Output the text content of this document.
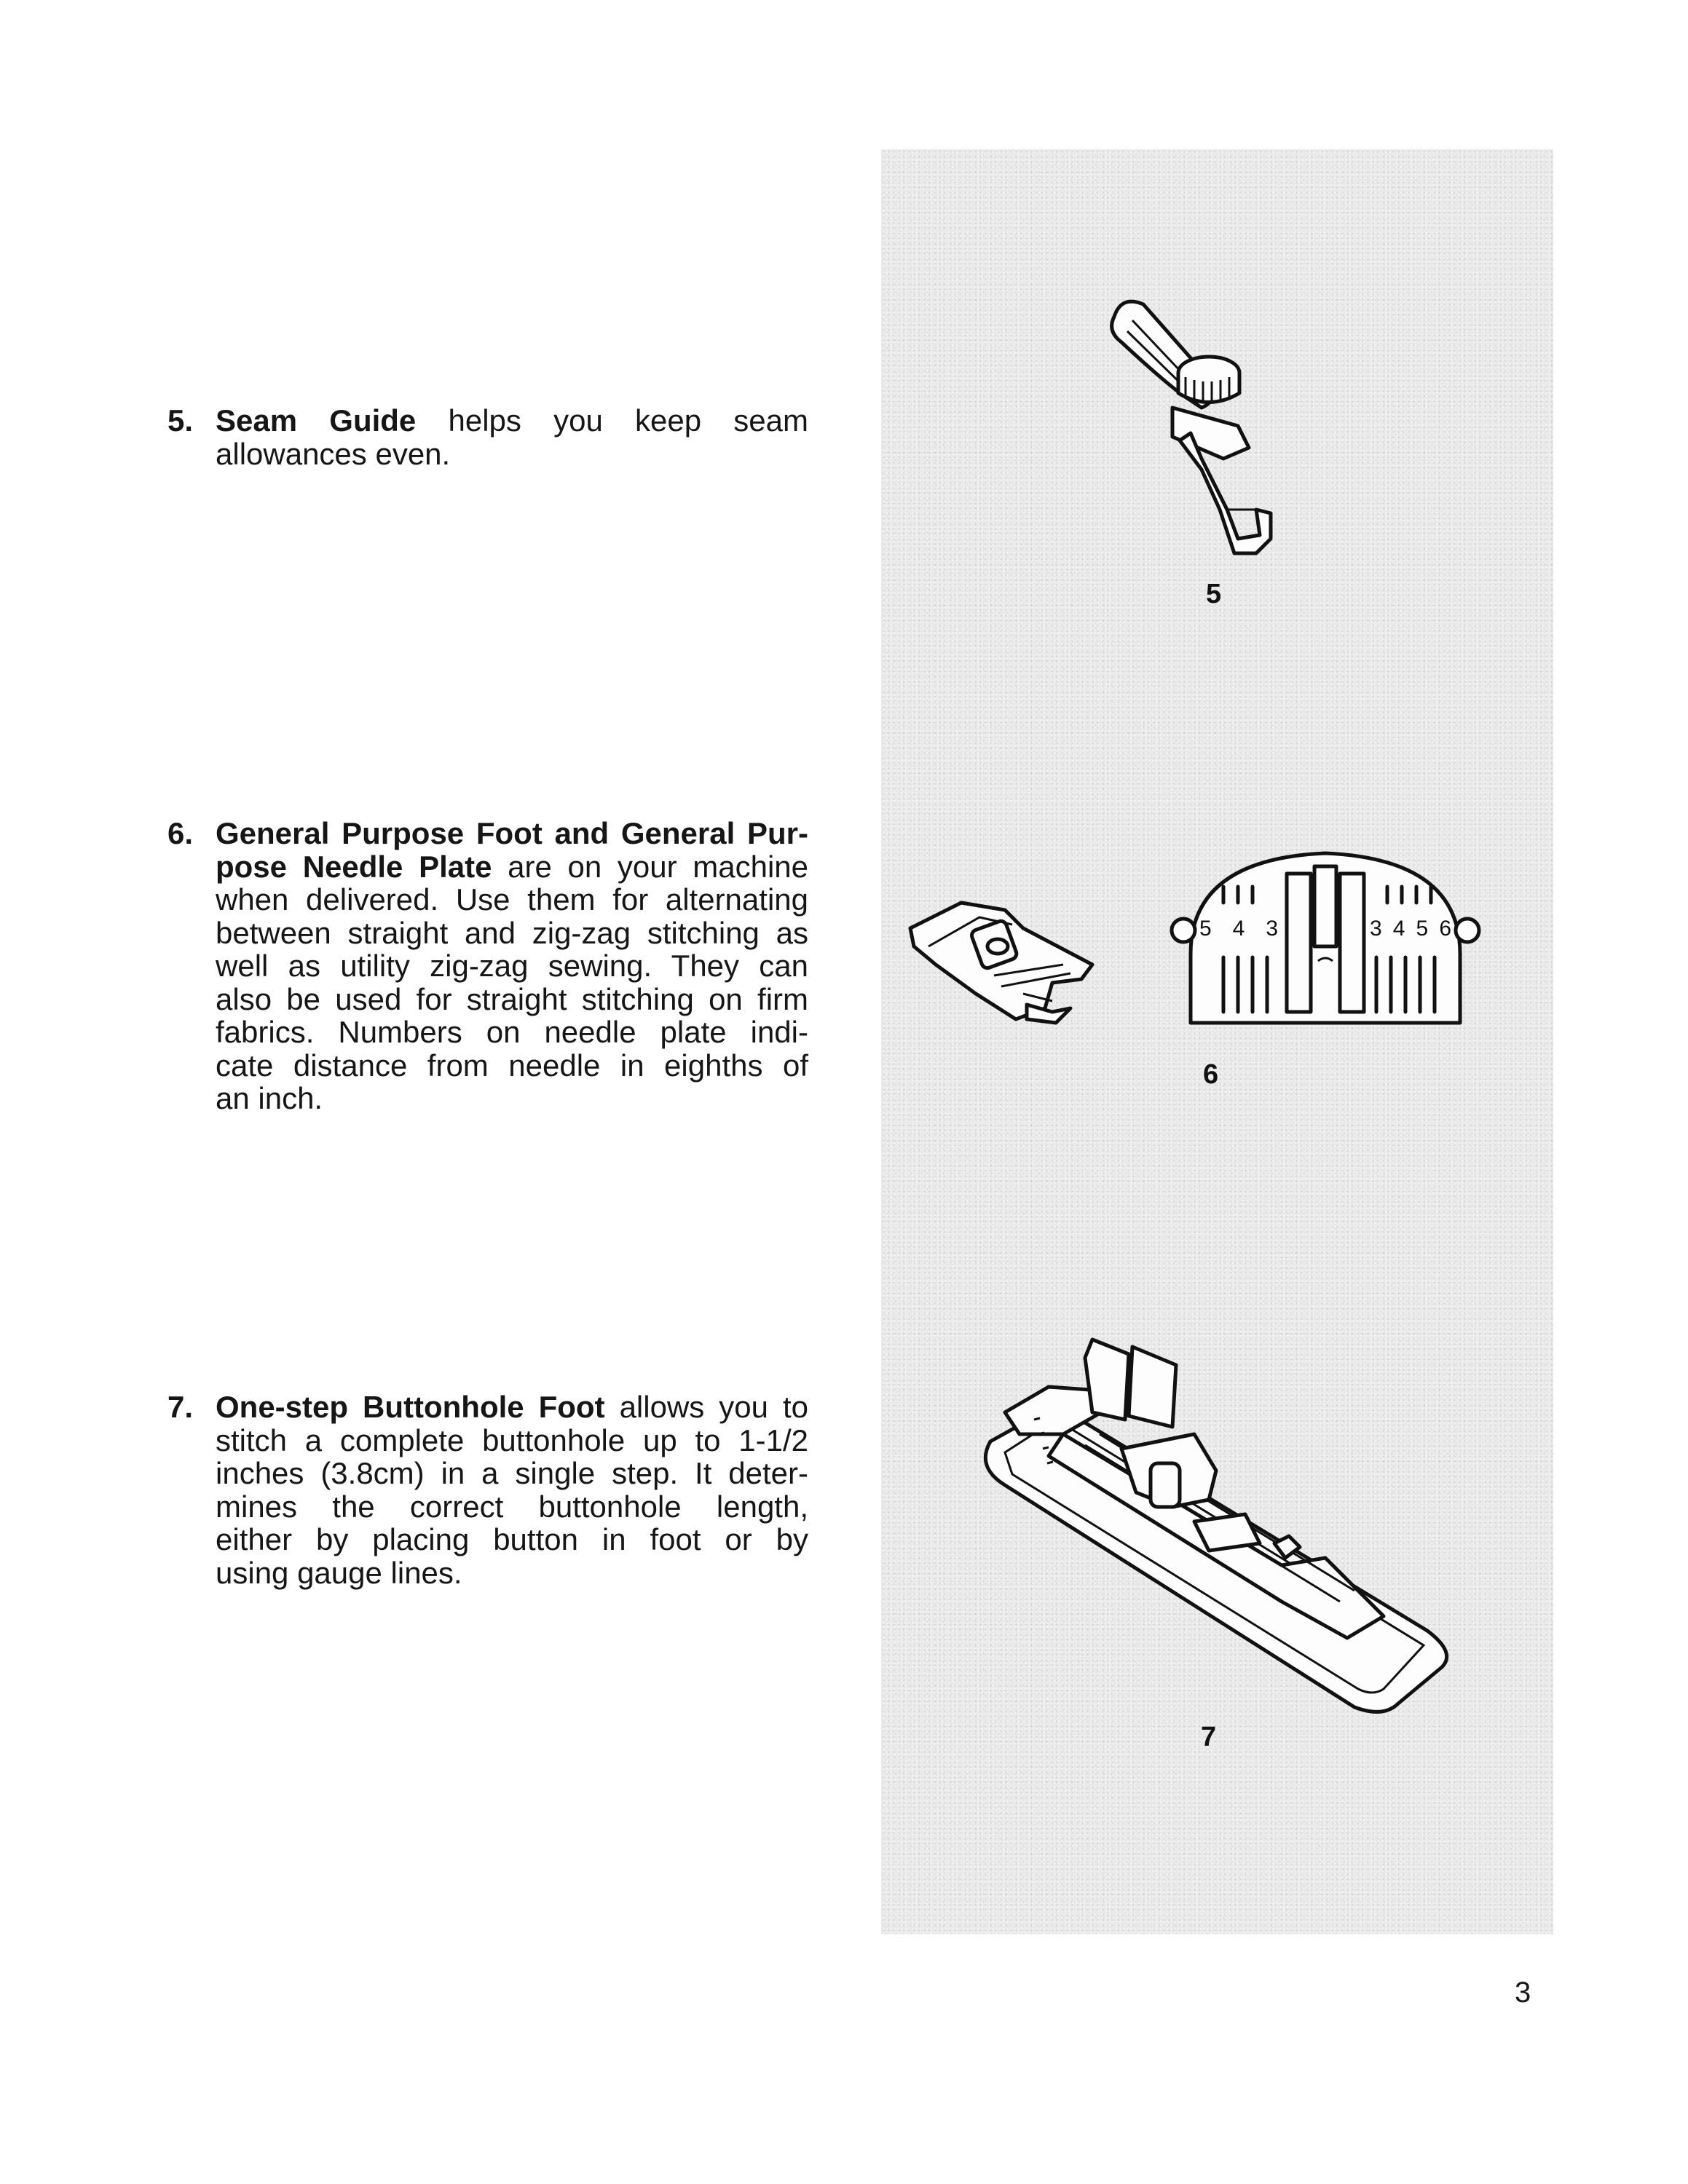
5. Seam Guide helps you keep seam
allowances even.
6. General Purpose Foot and General Pur-
pose Needle Plate are on your machine
when delivered. Use them for alternating
between straight and zig-zag stitching as
well as utility zig-zag sewing. They can
also be used for straight stitching on firm
fabrics. Numbers on needle plate indi-
cate distance from needle in eighths of
an inch.
7. One-step Buttonhole Foot allows you to
stitch a complete buttonhole up to 1-1/2
inches (3.8cm) in a single step. It deter-
mines the correct buttonhole length,
either by placing button in foot or by
using gauge lines.
5
5 4 3	3 4 5 6
6
7
3
